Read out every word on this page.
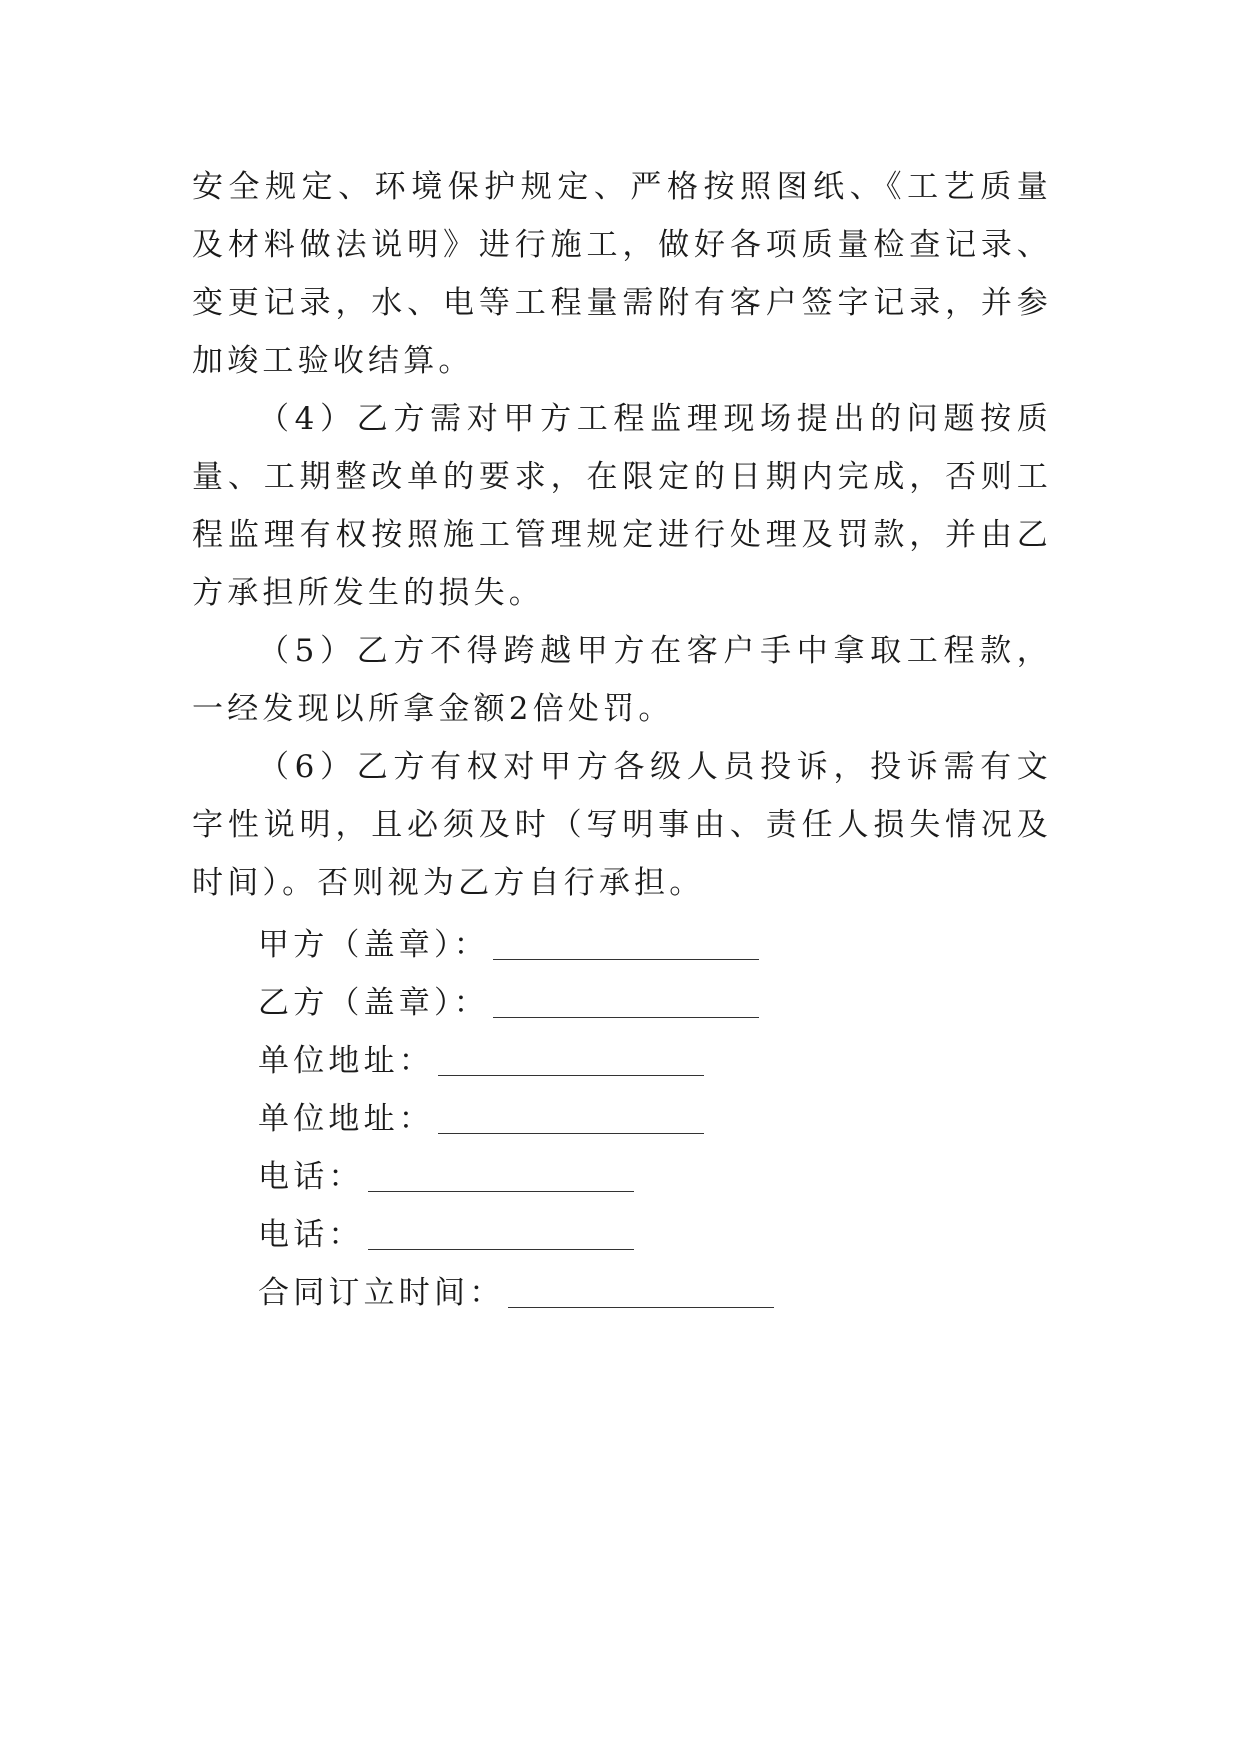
安全规定、环境保护规定、严格按照图纸、《工艺质量及材料做法说明》进行施工，做好各项质量检查记录、变更记录，水、电等工程量需附有客户签字记录，并参加竣工验收结算。

（4）乙方需对甲方工程监理现场提出的问题按质量、工期整改单的要求，在限定的日期内完成，否则工程监理有权按照施工管理规定进行处理及罚款，并由乙方承担所发生的损失。

（5）乙方不得跨越甲方在客户手中拿取工程款，一经发现以所拿金额2倍处罚。

（6）乙方有权对甲方各级人员投诉，投诉需有文字性说明，且必须及时（写明事由、责任人损失情况及时间）。否则视为乙方自行承担。

甲方（盖章）：
乙方（盖章）：
单位地址：
单位地址：
电话：
电话：
合同订立时间：
